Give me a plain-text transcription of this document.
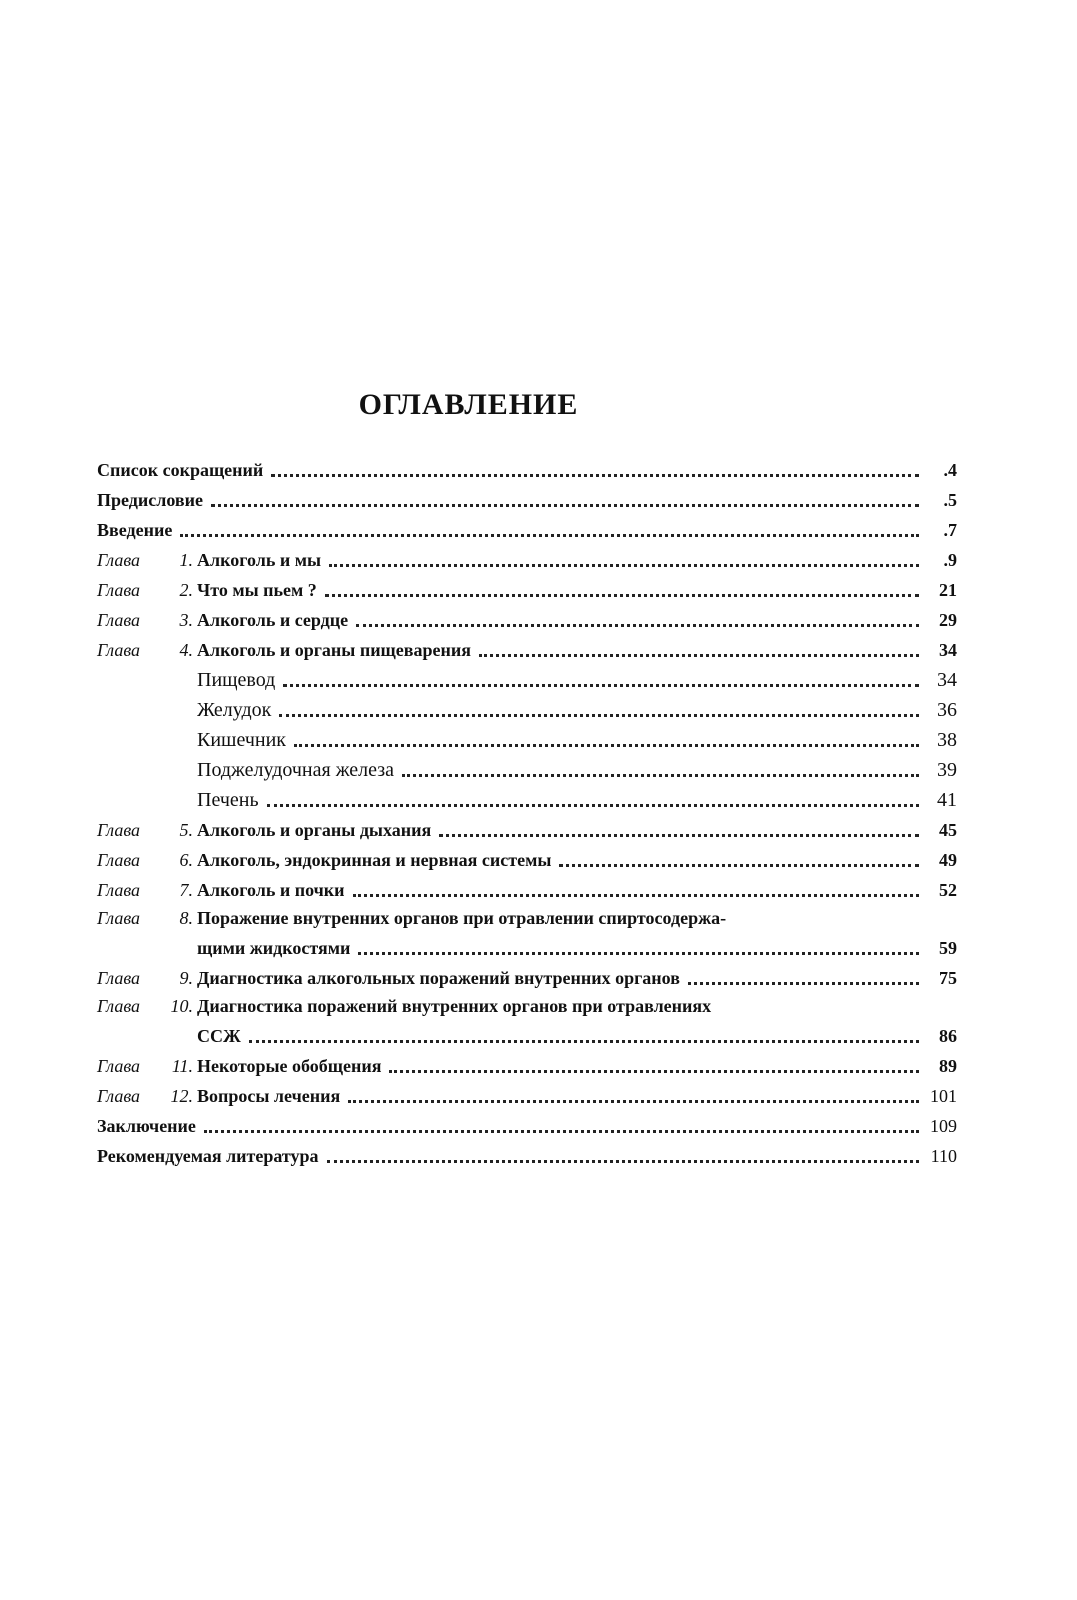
ОГЛАВЛЕНИЕ
Список сокращений	.4
Предисловие	.5
Введение	.7
Глава	1. Алкоголь и мы	.9
Глава	2. Что мы пьем ?	21
Глава	3. Алкоголь и сердце	29
Глава	4. Алкоголь и органы пищеварения	34
Пищевод	34
Желудок	36
Кишечник	38
Поджелудочная железа	39
Печень	41
Глава	5. Алкоголь и органы дыхания	45
Глава	6. Алкоголь, эндокринная и нервная системы	49
Глава	7. Алкоголь и почки	52
Глава	8. Поражение внутренних органов при отравлении спиртосодержа-
щими жидкостями	59
Глава	9. Диагностика алкогольных поражений внутренних органов	75
Глава	10. Диагностика поражений внутренних органов при отравлениях
ССЖ	86
Глава	11. Некоторые обобщения	89
Глава	12. Вопросы лечения	101
Заключение	109
Рекомендуемая литература	110
